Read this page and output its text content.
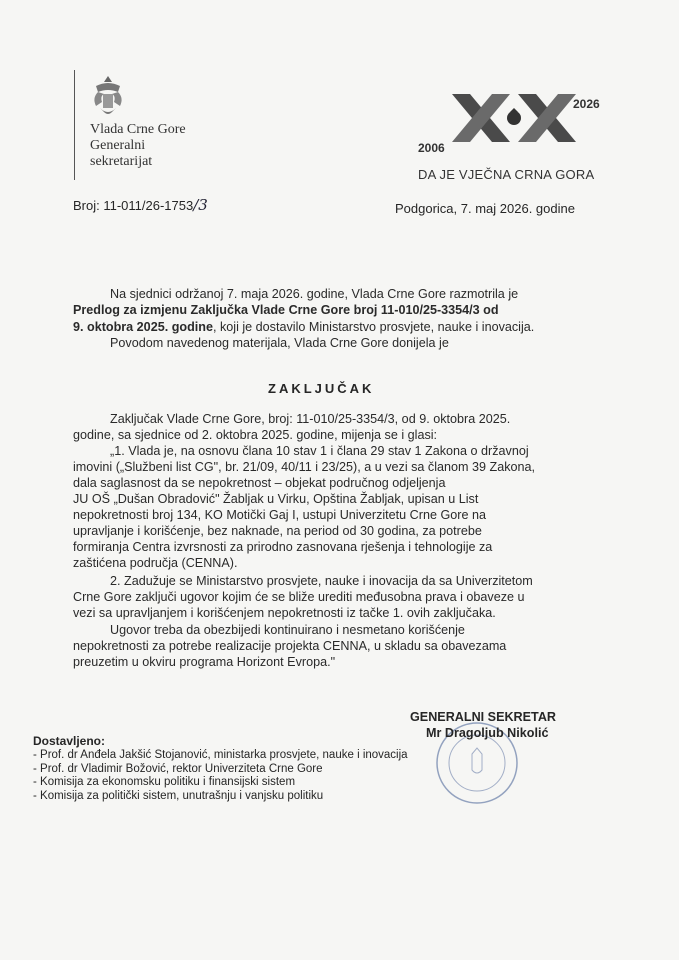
Vlada Crne Gore
Generalni
sekretarijat
2006
2026
DA JE VJEČNA CRNA GORA
Broj: 11-011/26-1753/3	Podgorica, 7. maj 2026. godine
Na sjednici održanoj 7. maja 2026. godine, Vlada Crne Gore razmotrila je
Predlog za izmjenu Zaključka Vlade Crne Gore broj 11-010/25-3354/3 od
9. oktobra 2025. godine, koji je dostavilo Ministarstvo prosvjete, nauke i inovacija.
Povodom navedenog materijala, Vlada Crne Gore donijela je
ZAKLJUČAK
Zaključak Vlade Crne Gore, broj: 11-010/25-3354/3, od 9. oktobra 2025.
godine, sa sjednice od 2. oktobra 2025. godine, mijenja se i glasi:
„1. Vlada je, na osnovu člana 10 stav 1 i člana 29 stav 1 Zakona o državnoj
imovini („Službeni list CG", br. 21/09, 40/11 i 23/25), a u vezi sa članom 39 Zakona,
dala saglasnost da se nepokretnost – objekat područnog odjeljenja
JU OŠ „Dušan Obradović" Žabljak u Virku, Opština Žabljak, upisan u List
nepokretnosti broj 134, KO Motički Gaj I, ustupi Univerzitetu Crne Gore na
upravljanje i korišćenje, bez naknade, na period od 30 godina, za potrebe
formiranja Centra izvrsnosti za prirodno zasnovana rješenja i tehnologije za
zaštićena područja (CENNA).
2. Zadužuje se Ministarstvo prosvjete, nauke i inovacija da sa Univerzitetom
Crne Gore zaključi ugovor kojim će se bliže urediti međusobna prava i obaveze u
vezi sa upravljanjem i korišćenjem nepokretnosti iz tačke 1. ovih zaključaka.
Ugovor treba da obezbijedi kontinuirano i nesmetano korišćenje
nepokretnosti za potrebe realizacije projekta CENNA, u skladu sa obavezama
preuzetim u okviru programa Horizont Evropa."
GENERALNI SEKRETAR
Mr Dragoljub Nikolić
Dostavljeno:
- Prof. dr Anđela Jakšić Stojanović, ministarka prosvjete, nauke i inovacija
- Prof. dr Vladimir Božović, rektor Univerziteta Crne Gore
- Komisija za ekonomsku politiku i finansijski sistem
- Komisija za politički sistem, unutrašnju i vanjsku politiku
